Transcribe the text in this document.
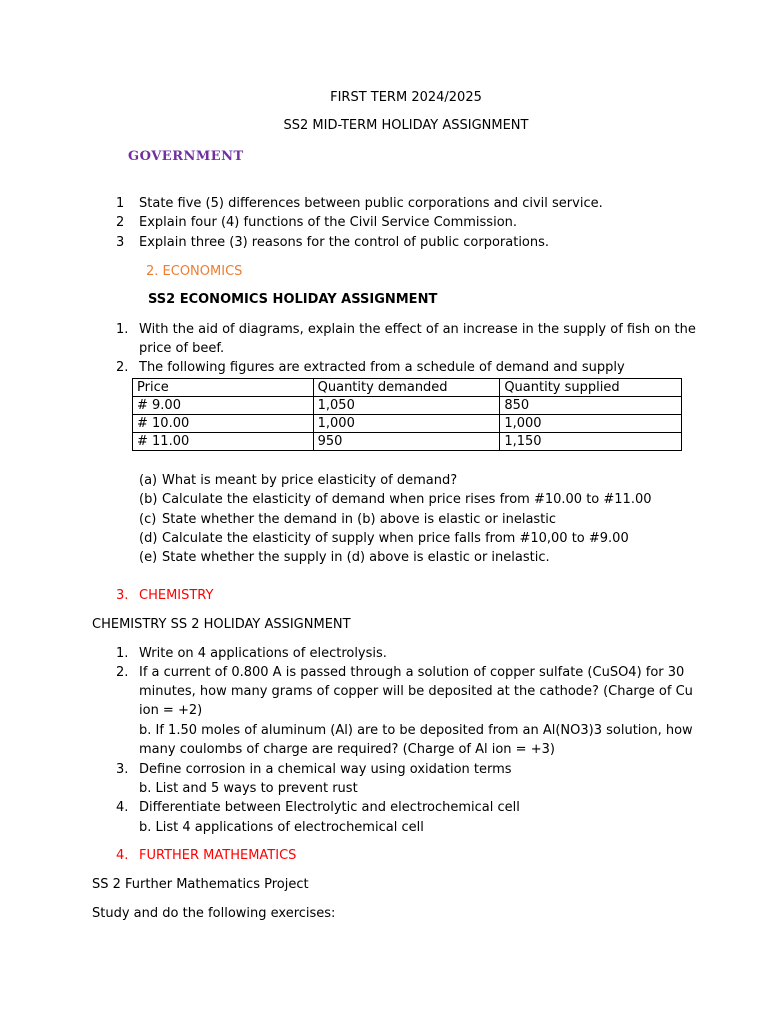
FIRST TERM 2024/2025
SS2 MID-TERM HOLIDAY ASSIGNMENT
GOVERNMENT
1 State five (5) differences between public corporations and civil service.
2 Explain four (4) functions of the Civil Service Commission.
3 Explain three (3) reasons for the control of public corporations.
2. ECONOMICS
SS2 ECONOMICS HOLIDAY ASSIGNMENT
1. With the aid of diagrams, explain the effect of an increase in the supply of fish on the
price of beef.
2. The following figures are extracted from a schedule of demand and supply
Price	Quantity demanded	Quantity supplied
# 9.00	1,050	850
# 10.00	1,000	1,000
# 11.00	950	1,150
(a) What is meant by price elasticity of demand?
(b) Calculate the elasticity of demand when price rises from #10.00 to #11.00
(c) State whether the demand in (b) above is elastic or inelastic
(d) Calculate the elasticity of supply when price falls from #10,00 to #9.00
(e) State whether the supply in (d) above is elastic or inelastic.
3. CHEMISTRY
CHEMISTRY SS 2 HOLIDAY ASSIGNMENT
1. Write on 4 applications of electrolysis.
2. If a current of 0.800 A is passed through a solution of copper sulfate (CuSO4) for 30
minutes, how many grams of copper will be deposited at the cathode? (Charge of Cu
ion = +2)
b. If 1.50 moles of aluminum (Al) are to be deposited from an Al(NO3)3 solution, how
many coulombs of charge are required? (Charge of Al ion = +3)
3. Define corrosion in a chemical way using oxidation terms
b. List and 5 ways to prevent rust
4. Differentiate between Electrolytic and electrochemical cell
b. List 4 applications of electrochemical cell
4. FURTHER MATHEMATICS
SS 2 Further Mathematics Project
Study and do the following exercises:
